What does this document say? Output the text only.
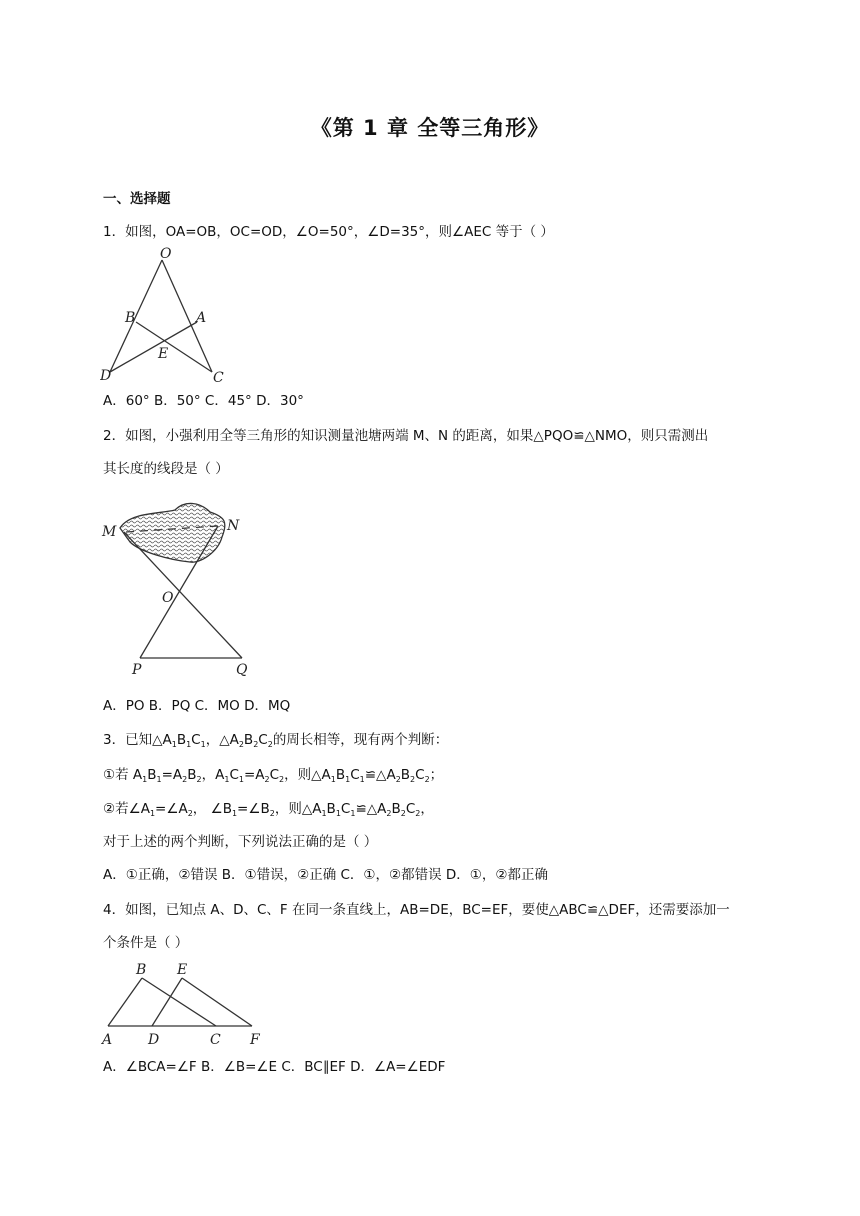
《第 1 章 全等三角形》
一、选择题
1．如图，OA=OB，OC=OD，∠O=50°，∠D=35°，则∠AEC 等于（ ）
O
B	A
E
D	C
A．60° B．50° C．45° D．30°
2．如图，小强利用全等三角形的知识测量池塘两端 M、N 的距离，如果△PQO≌△NMO，则只需测出
其长度的线段是（ ）
M	N
O
P	Q
A．PO B．PQ C．MO D．MQ
3．已知$\triangle A_1B_1C_1$，$\triangle A_2B_2C_2$的周长相等，现有两个判断：
①若 $A_1B_1=A_2B_2$，$A_1C_1=A_2C_2$，则$\triangle A_1B_1C_1≌\triangle A_2B_2C_2$；
②若$\angle A_1=\angle A_2$， $\angle B_1=\angle B_2$，则$\triangle A_1B_1C_1≌\triangle A_2B_2C_2$，
对于上述的两个判断，下列说法正确的是（ ）
A．①正确，②错误 B．①错误，②正确 C．①，②都错误 D．①，②都正确
4．如图，已知点 A、D、C、F 在同一条直线上，AB=DE，BC=EF，要使△ABC≌△DEF，还需要添加一
个条件是（ ）
B E
A	D	C F
A．∠BCA=∠F B．∠B=∠E C．BC∥EF D．∠A=∠EDF
